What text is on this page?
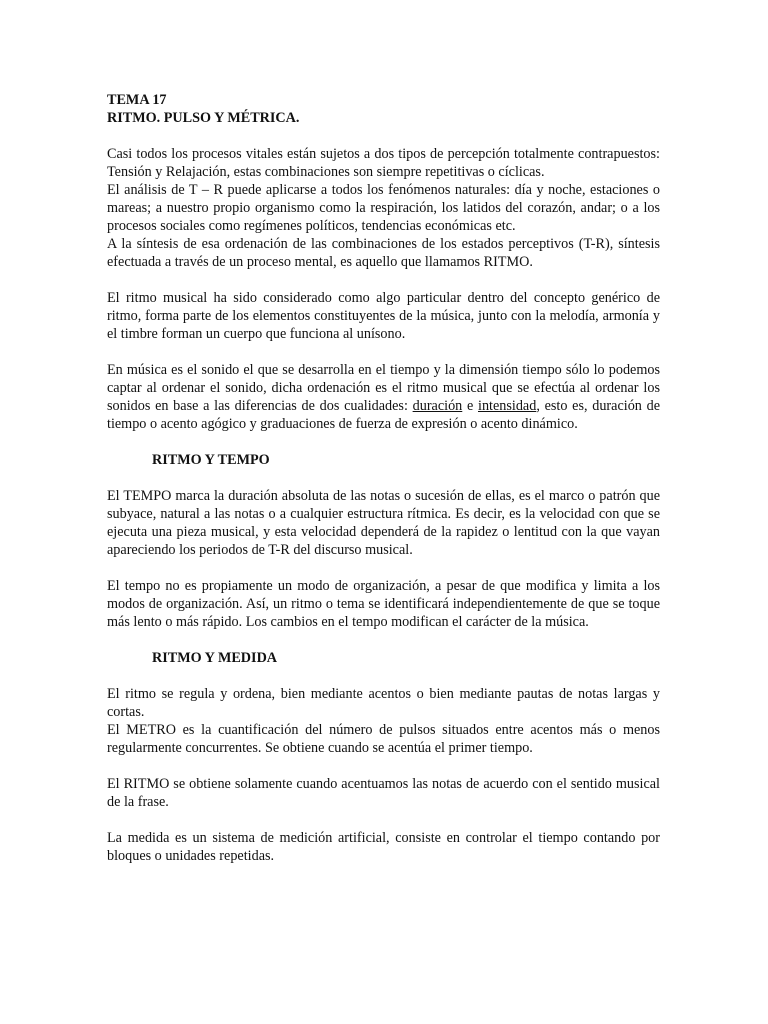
TEMA 17

RITMO. PULSO Y MÉTRICA.

Casi todos los procesos vitales están sujetos a dos tipos de percepción totalmente contrapuestos: Tensión y Relajación, estas combinaciones son siempre repetitivas o cíclicas.

El análisis de T – R puede aplicarse a todos los fenómenos naturales: día y noche, estaciones o mareas; a nuestro propio organismo como la respiración, los latidos del corazón, andar; o a los procesos sociales como regímenes políticos, tendencias económicas etc.

A la síntesis de esa ordenación de las combinaciones de los estados perceptivos (T-R), síntesis efectuada a través de un proceso mental, es aquello que llamamos RITMO.

El ritmo musical ha sido considerado como algo particular dentro del concepto genérico de ritmo, forma parte de los elementos constituyentes de la música, junto con la melodía, armonía y el timbre forman un cuerpo que funciona al unísono.

En música es el sonido el que se desarrolla en el tiempo y la dimensión tiempo sólo lo podemos captar al ordenar el sonido, dicha ordenación es el ritmo musical que se efectúa al ordenar los sonidos en base a las diferencias de dos cualidades: duración e intensidad, esto es, duración de tiempo o acento agógico y graduaciones de fuerza de expresión o acento dinámico.

RITMO Y TEMPO

El TEMPO marca la duración absoluta de las notas o sucesión de ellas, es el marco o patrón que subyace, natural a las notas o a cualquier estructura rítmica. Es decir, es la velocidad con que se ejecuta una pieza musical, y esta velocidad dependerá de la rapidez o lentitud con la que vayan apareciendo los periodos de T-R del discurso musical.

El tempo no es propiamente un modo de organización, a pesar de que modifica y limita a los modos de organización. Así, un ritmo o tema se identificará independientemente de que se toque más lento o más rápido. Los cambios en el tempo modifican el carácter de la música.

RITMO Y MEDIDA

El ritmo se regula y ordena, bien mediante acentos o bien mediante pautas de notas largas y cortas.

El METRO es la cuantificación del número de pulsos situados entre acentos más o menos regularmente concurrentes. Se obtiene cuando se acentúa el primer tiempo.

El RITMO se obtiene solamente cuando acentuamos las notas de acuerdo con el sentido musical de la frase.

La medida es un sistema de medición artificial, consiste en controlar el tiempo contando por bloques o unidades repetidas.
